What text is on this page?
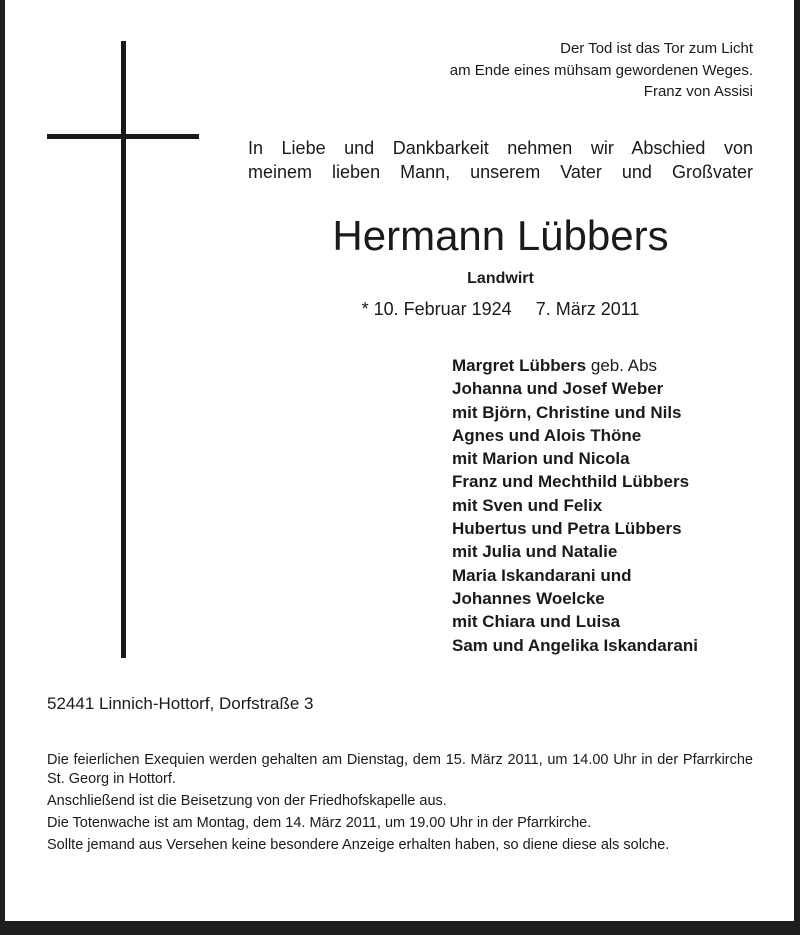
Der Tod ist das Tor zum Licht
am Ende eines mühsam gewordenen Weges.
Franz von Assisi
In Liebe und Dankbarkeit nehmen wir Abschied von
meinem lieben Mann, unserem Vater und Großvater
Hermann Lübbers
Landwirt
* 10. Februar 1924 7. März 2011
Margret Lübbers geb. Abs
Johanna und Josef Weber
mit Björn, Christine und Nils
Agnes und Alois Thöne
mit Marion und Nicola
Franz und Mechthild Lübbers
mit Sven und Felix
Hubertus und Petra Lübbers
mit Julia und Natalie
Maria Iskandarani und
Johannes Woelcke
mit Chiara und Luisa
Sam und Angelika Iskandarani
52441 Linnich-Hottorf, Dorfstraße 3

Die feierlichen Exequien werden gehalten am Dienstag, dem 15. März 2011, um 14.00 Uhr in der Pfarrkirche St. Georg in Hottorf.

Anschließend ist die Beisetzung von der Friedhofskapelle aus.

Die Totenwache ist am Montag, dem 14. März 2011, um 19.00 Uhr in der Pfarrkirche.

Sollte jemand aus Versehen keine besondere Anzeige erhalten haben, so diene diese als solche.
